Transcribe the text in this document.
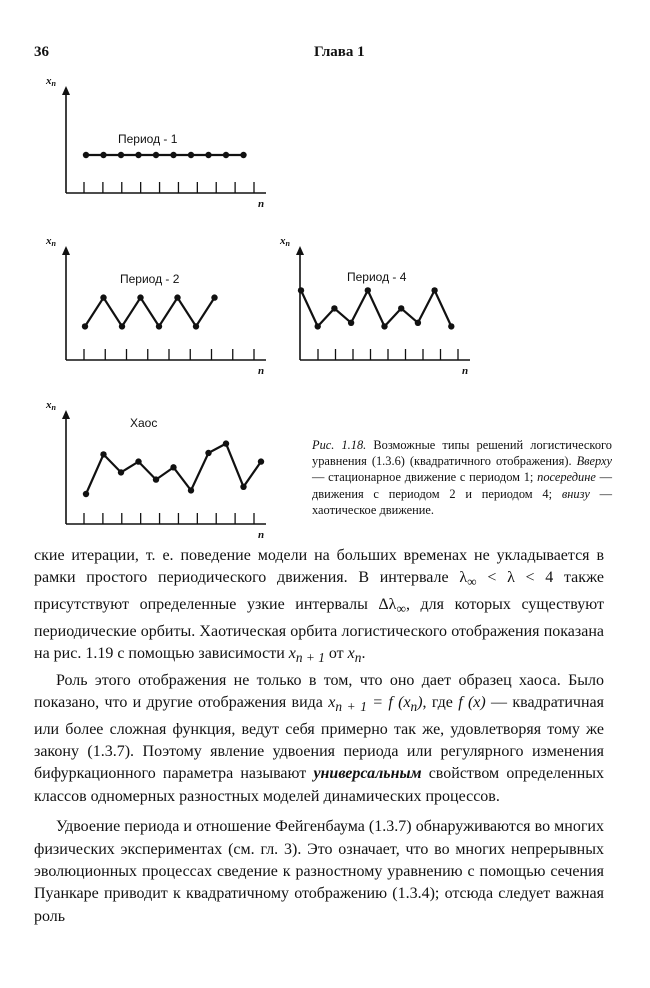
36	Глава 1
xn
n
Период - 1
xn
n
Период - 2
xn
n
Период - 4
xn
n
Хаос
Рис. 1.18. Возможные типы решений логистического уравнения (1.3.6) (квадратичного отображения). Вверху — стационарное движение с периодом 1; посередине — движения с периодом 2 и периодом 4; внизу — хаотическое движение.

ские итерации, т. е. поведение модели на больших временах не укладывается в рамки простого периодического движения. В интервале $\lambda_\infty < \lambda < 4$ также присутствуют определенные узкие интервалы $\Delta\lambda_\infty$, для которых существуют периодические орбиты. Хаотическая орбита логистического отображения показана на рис. 1.19 с помощью зависимости $x_{n + 1}$ от $x_n$.

Роль этого отображения не только в том, что оно дает образец хаоса. Было показано, что и другие отображения вида $x_{n + 1} = f$ $(x_n)$, где f (x) — квадратичная или более сложная функция, ведут себя примерно так же, удовлетворяя тому же закону (1.3.7). Поэтому явление удвоения периода или регулярного изменения бифуркационного параметра называют универсальным свойством определенных классов одномерных разностных моделей динамических процессов.

Удвоение периода и отношение Фейгенбаума (1.3.7) обнаруживаются во многих физических экспериментах (см. гл. 3). Это означает, что во многих непрерывных эволюционных процессах сведение к разностному уравнению с помощью сечения Пуанкаре приводит к квадратичному отображению (1.3.4); отсюда следует важная роль
